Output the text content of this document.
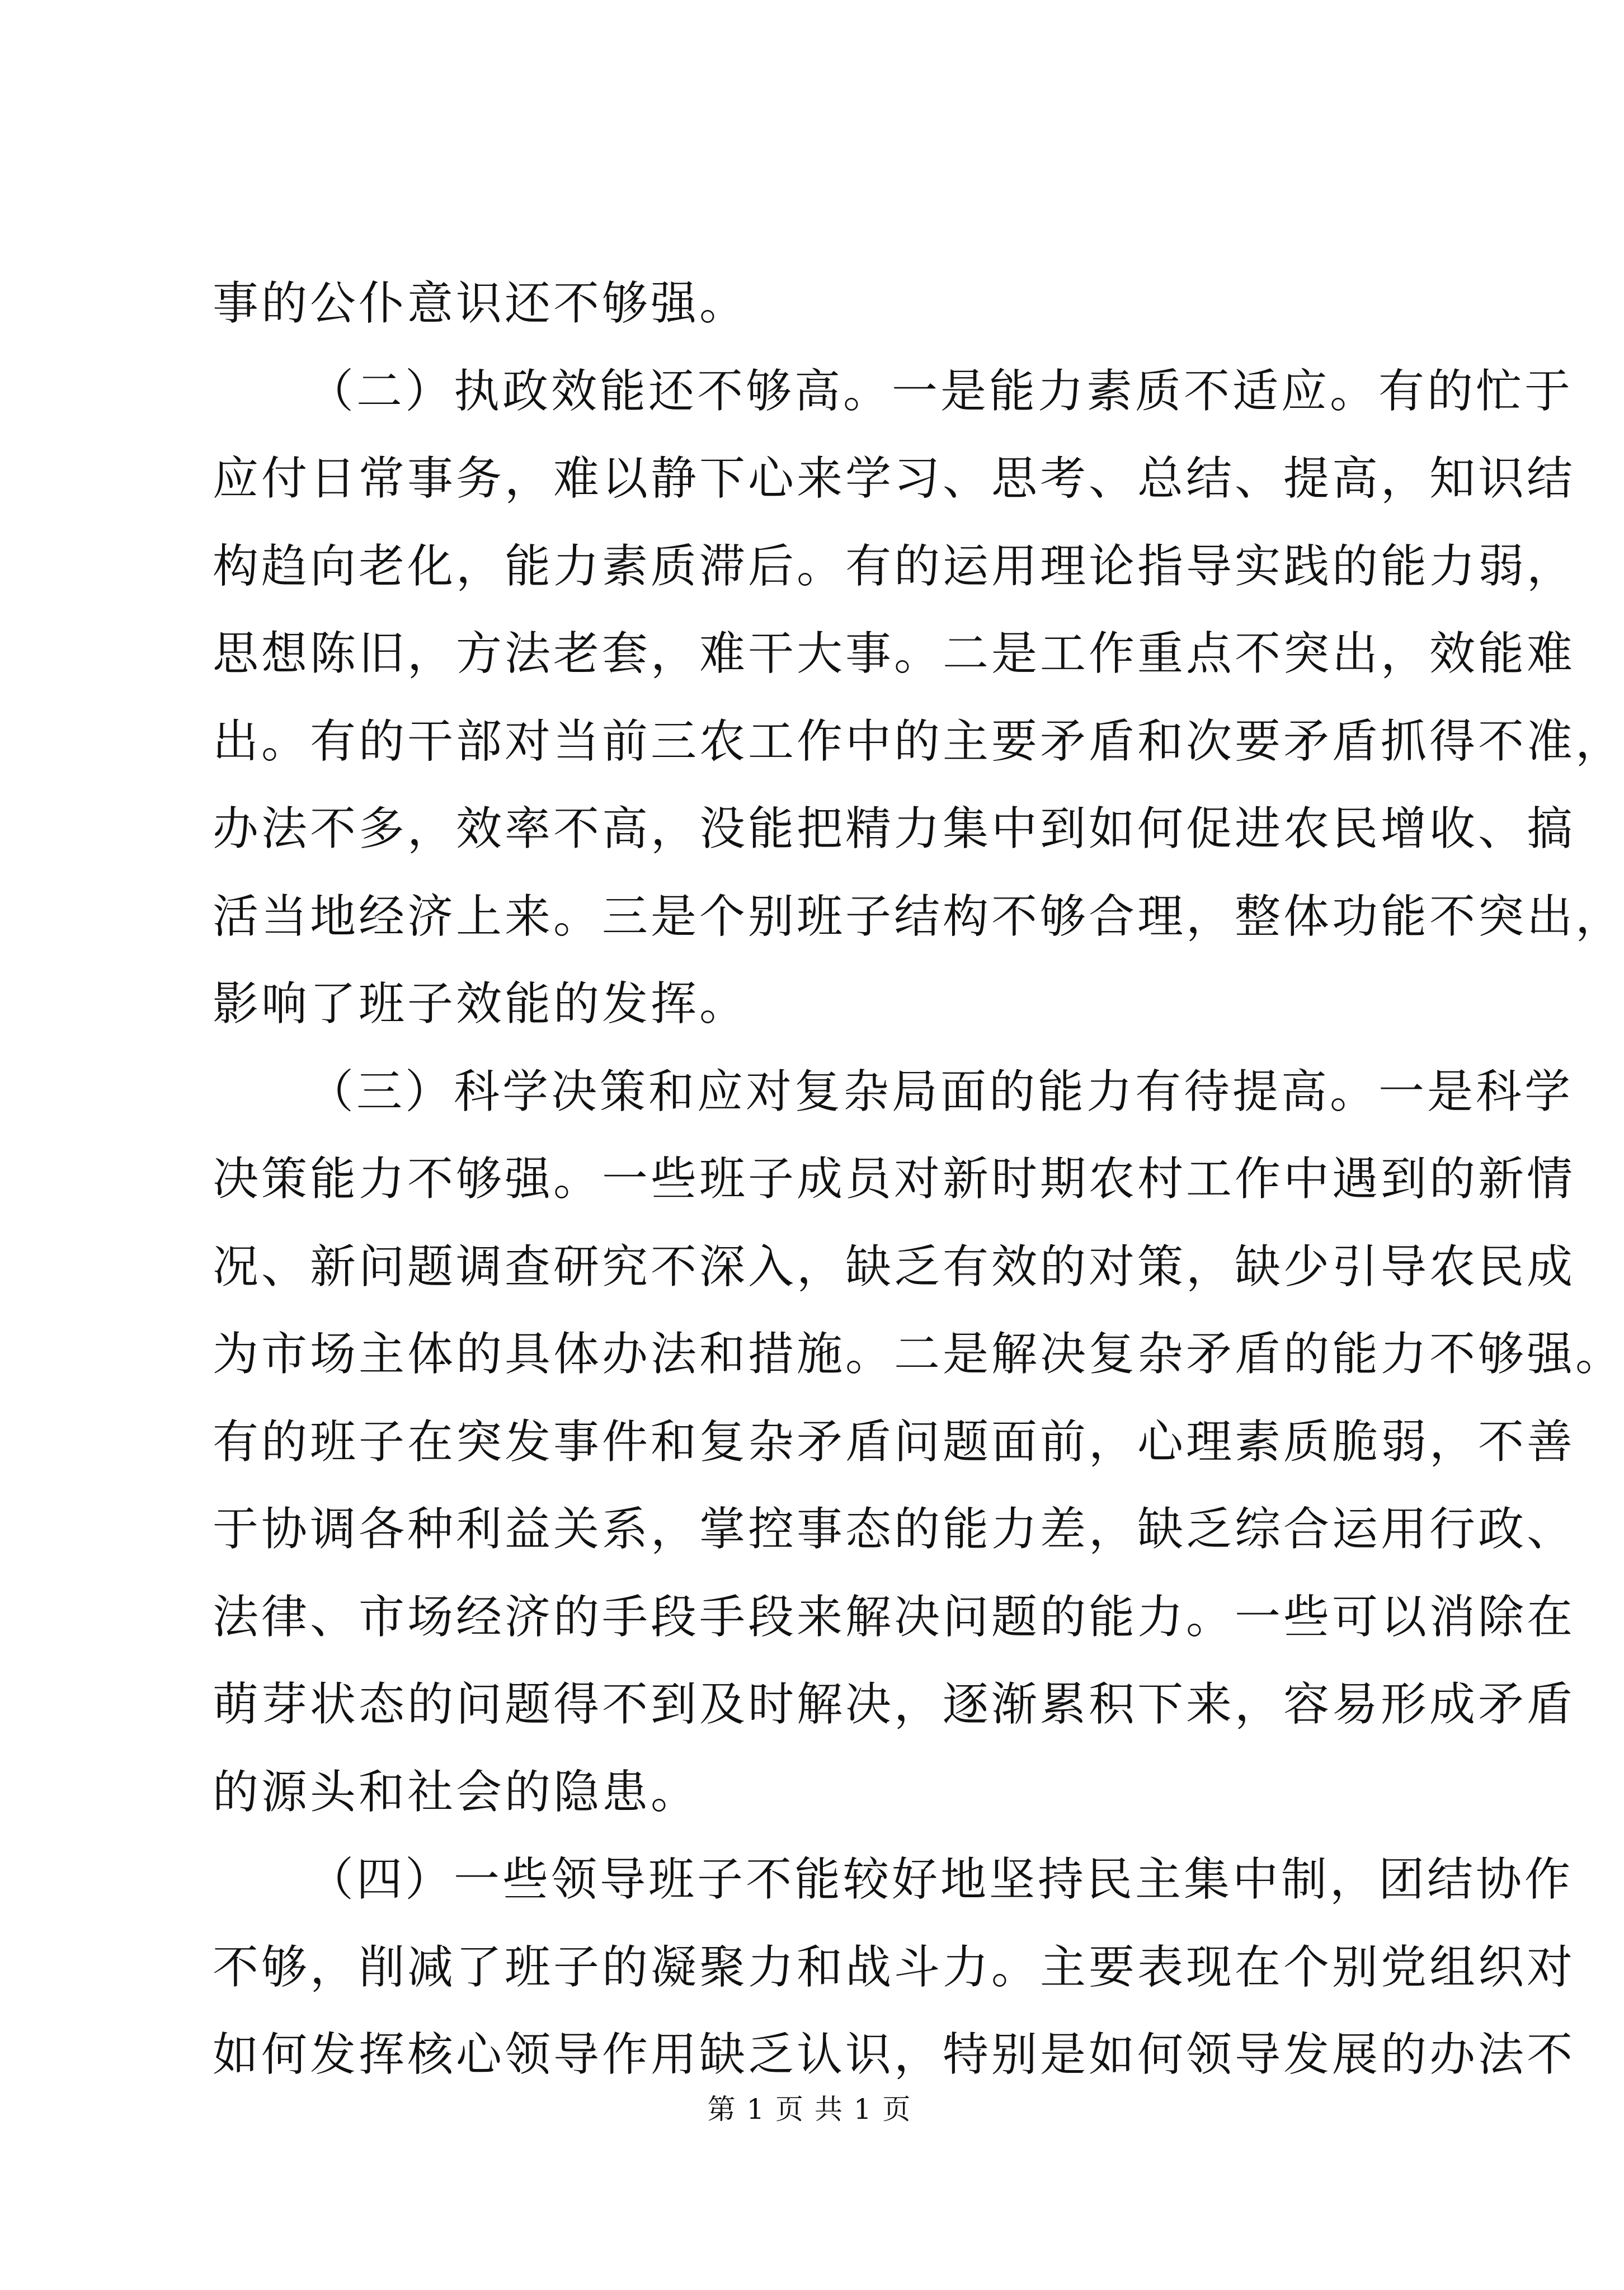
事的公仆意识还不够强。
（二）执政效能还不够高。一是能力素质不适应。有的忙于
应付日常事务，难以静下心来学习、思考、总结、提高，知识结
构趋向老化，能力素质滞后。有的运用理论指导实践的能力弱，
思想陈旧，方法老套，难干大事。二是工作重点不突出，效能难
出。有的干部对当前三农工作中的主要矛盾和次要矛盾抓得不准，
办法不多，效率不高，没能把精力集中到如何促进农民增收、搞
活当地经济上来。三是个别班子结构不够合理，整体功能不突出，
影响了班子效能的发挥。
（三）科学决策和应对复杂局面的能力有待提高。一是科学
决策能力不够强。一些班子成员对新时期农村工作中遇到的新情
况、新问题调查研究不深入，缺乏有效的对策，缺少引导农民成
为市场主体的具体办法和措施。二是解决复杂矛盾的能力不够强。
有的班子在突发事件和复杂矛盾问题面前，心理素质脆弱，不善
于协调各种利益关系，掌控事态的能力差，缺乏综合运用行政、
法律、市场经济的手段手段来解决问题的能力。一些可以消除在
萌芽状态的问题得不到及时解决，逐渐累积下来，容易形成矛盾
的源头和社会的隐患。
（四）一些领导班子不能较好地坚持民主集中制，团结协作
不够，削减了班子的凝聚力和战斗力。主要表现在个别党组织对
如何发挥核心领导作用缺乏认识，特别是如何领导发展的办法不
第 1 页 共 1 页
